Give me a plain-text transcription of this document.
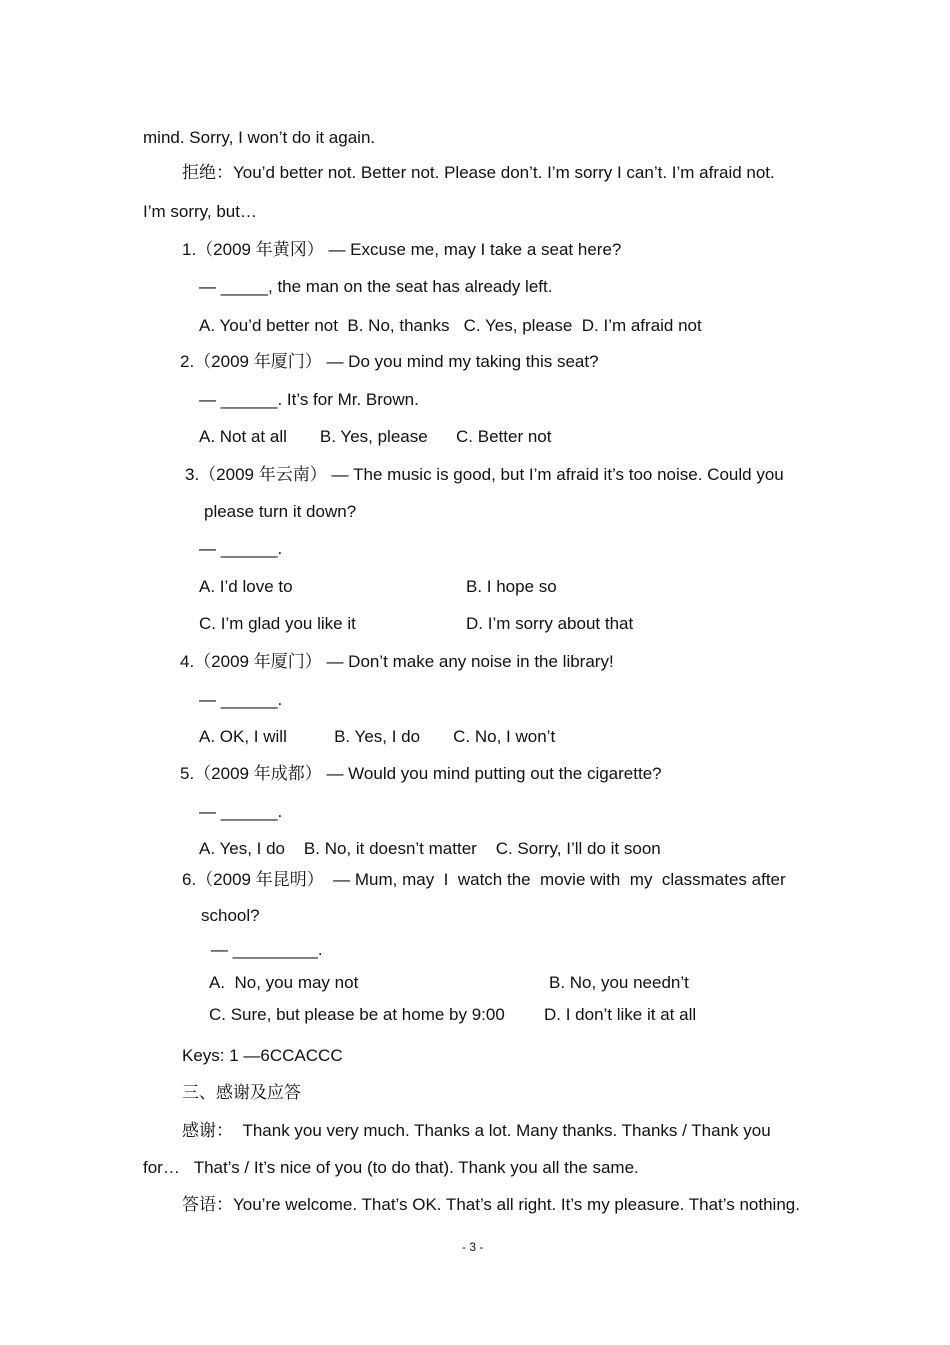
mind. Sorry, I won’t do it again.
拒绝：You’d better not. Better not. Please don’t. I’m sorry I can’t. I’m afraid not.
I’m sorry, but…
1.（2009 年黄冈） — Excuse me, may I take a seat here?
— _____, the man on the seat has already left.
A. You’d better not  B. No, thanks   C. Yes, please  D. I’m afraid not
2.（2009 年厦门） — Do you mind my taking this seat?
— ______. It’s for Mr. Brown.
A. Not at all       B. Yes, please      C. Better not
3.（2009 年云南） — The music is good, but I’m afraid it’s too noise. Could you
please turn it down?
— ______.
A. I’d love to	B. I hope so
C. I’m glad you like it	D. I’m sorry about that
4.（2009 年厦门） — Don’t make any noise in the library!
— ______.
A. OK, I will          B. Yes, I do       C. No, I won’t
5.（2009 年成都） — Would you mind putting out the cigarette?
— ______.
A. Yes, I do    B. No, it doesn’t matter    C. Sorry, I’ll do it soon
6.（2009 年昆明）  — Mum, may  I  watch the  movie with  my  classmates after
school?
— _________.
A.  No, you may not	B. No, you needn’t
C. Sure, but please be at home by 9:00 D. I don’t like it at all
Keys: 1 —6CCACCC
三、感谢及应答
感谢：  Thank you very much. Thanks a lot. Many thanks. Thanks / Thank you
for…   That’s / It’s nice of you (to do that). Thank you all the same.
答语：You’re welcome. That’s OK. That’s all right. It’s my pleasure. That’s nothing.
- 3 -
